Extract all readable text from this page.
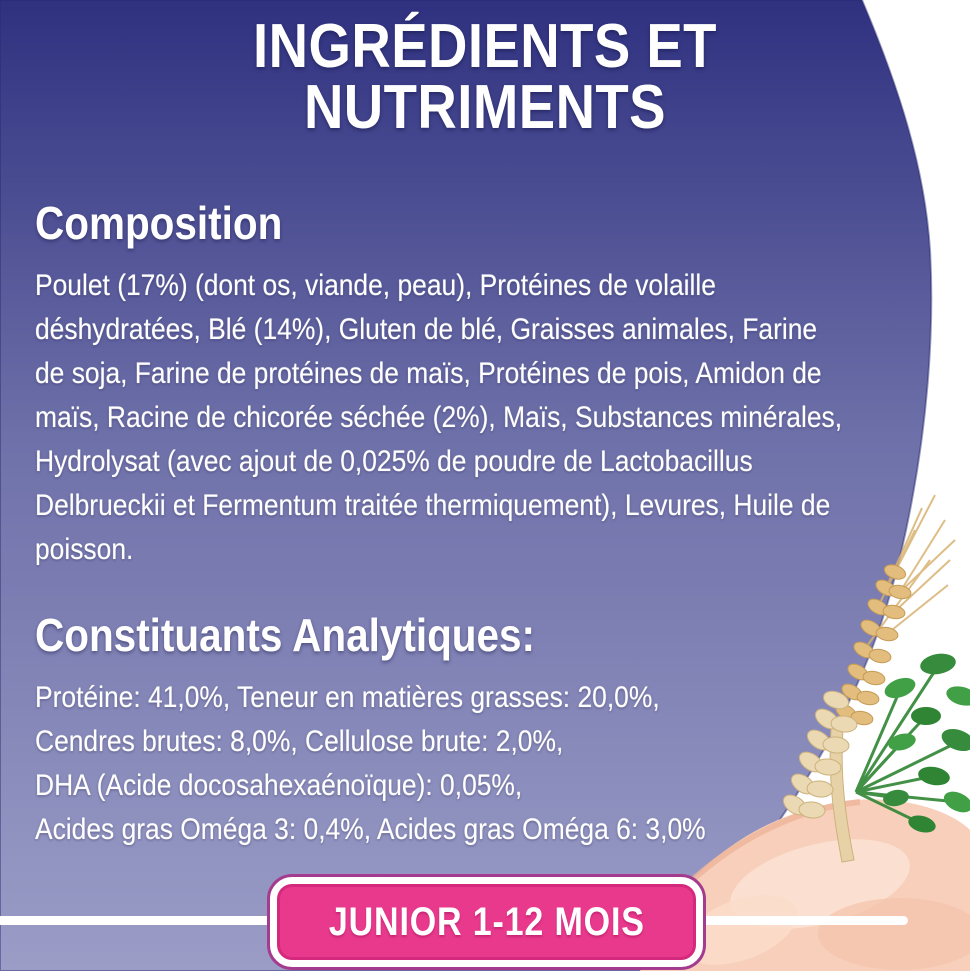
INGRÉDIENTS ET
NUTRIMENTS
Composition
Poulet (17%) (dont os, viande, peau), Protéines de volaille
déshydratées, Blé (14%), Gluten de blé, Graisses animales, Farine
de soja, Farine de protéines de maïs, Protéines de pois, Amidon de
maïs, Racine de chicorée séchée (2%), Maïs, Substances minérales,
Hydrolysat (avec ajout de 0,025% de poudre de Lactobacillus
Delbrueckii et Fermentum traitée thermiquement), Levures, Huile de
poisson.
Constituants Analytiques:
Protéine: 41,0%, Teneur en matières grasses: 20,0%,
Cendres brutes: 8,0%, Cellulose brute: 2,0%,
DHA (Acide docosahexaénoïque): 0,05%,
Acides gras Oméga 3: 0,4%, Acides gras Oméga 6: 3,0%
JUNIOR 1-12 MOIS
